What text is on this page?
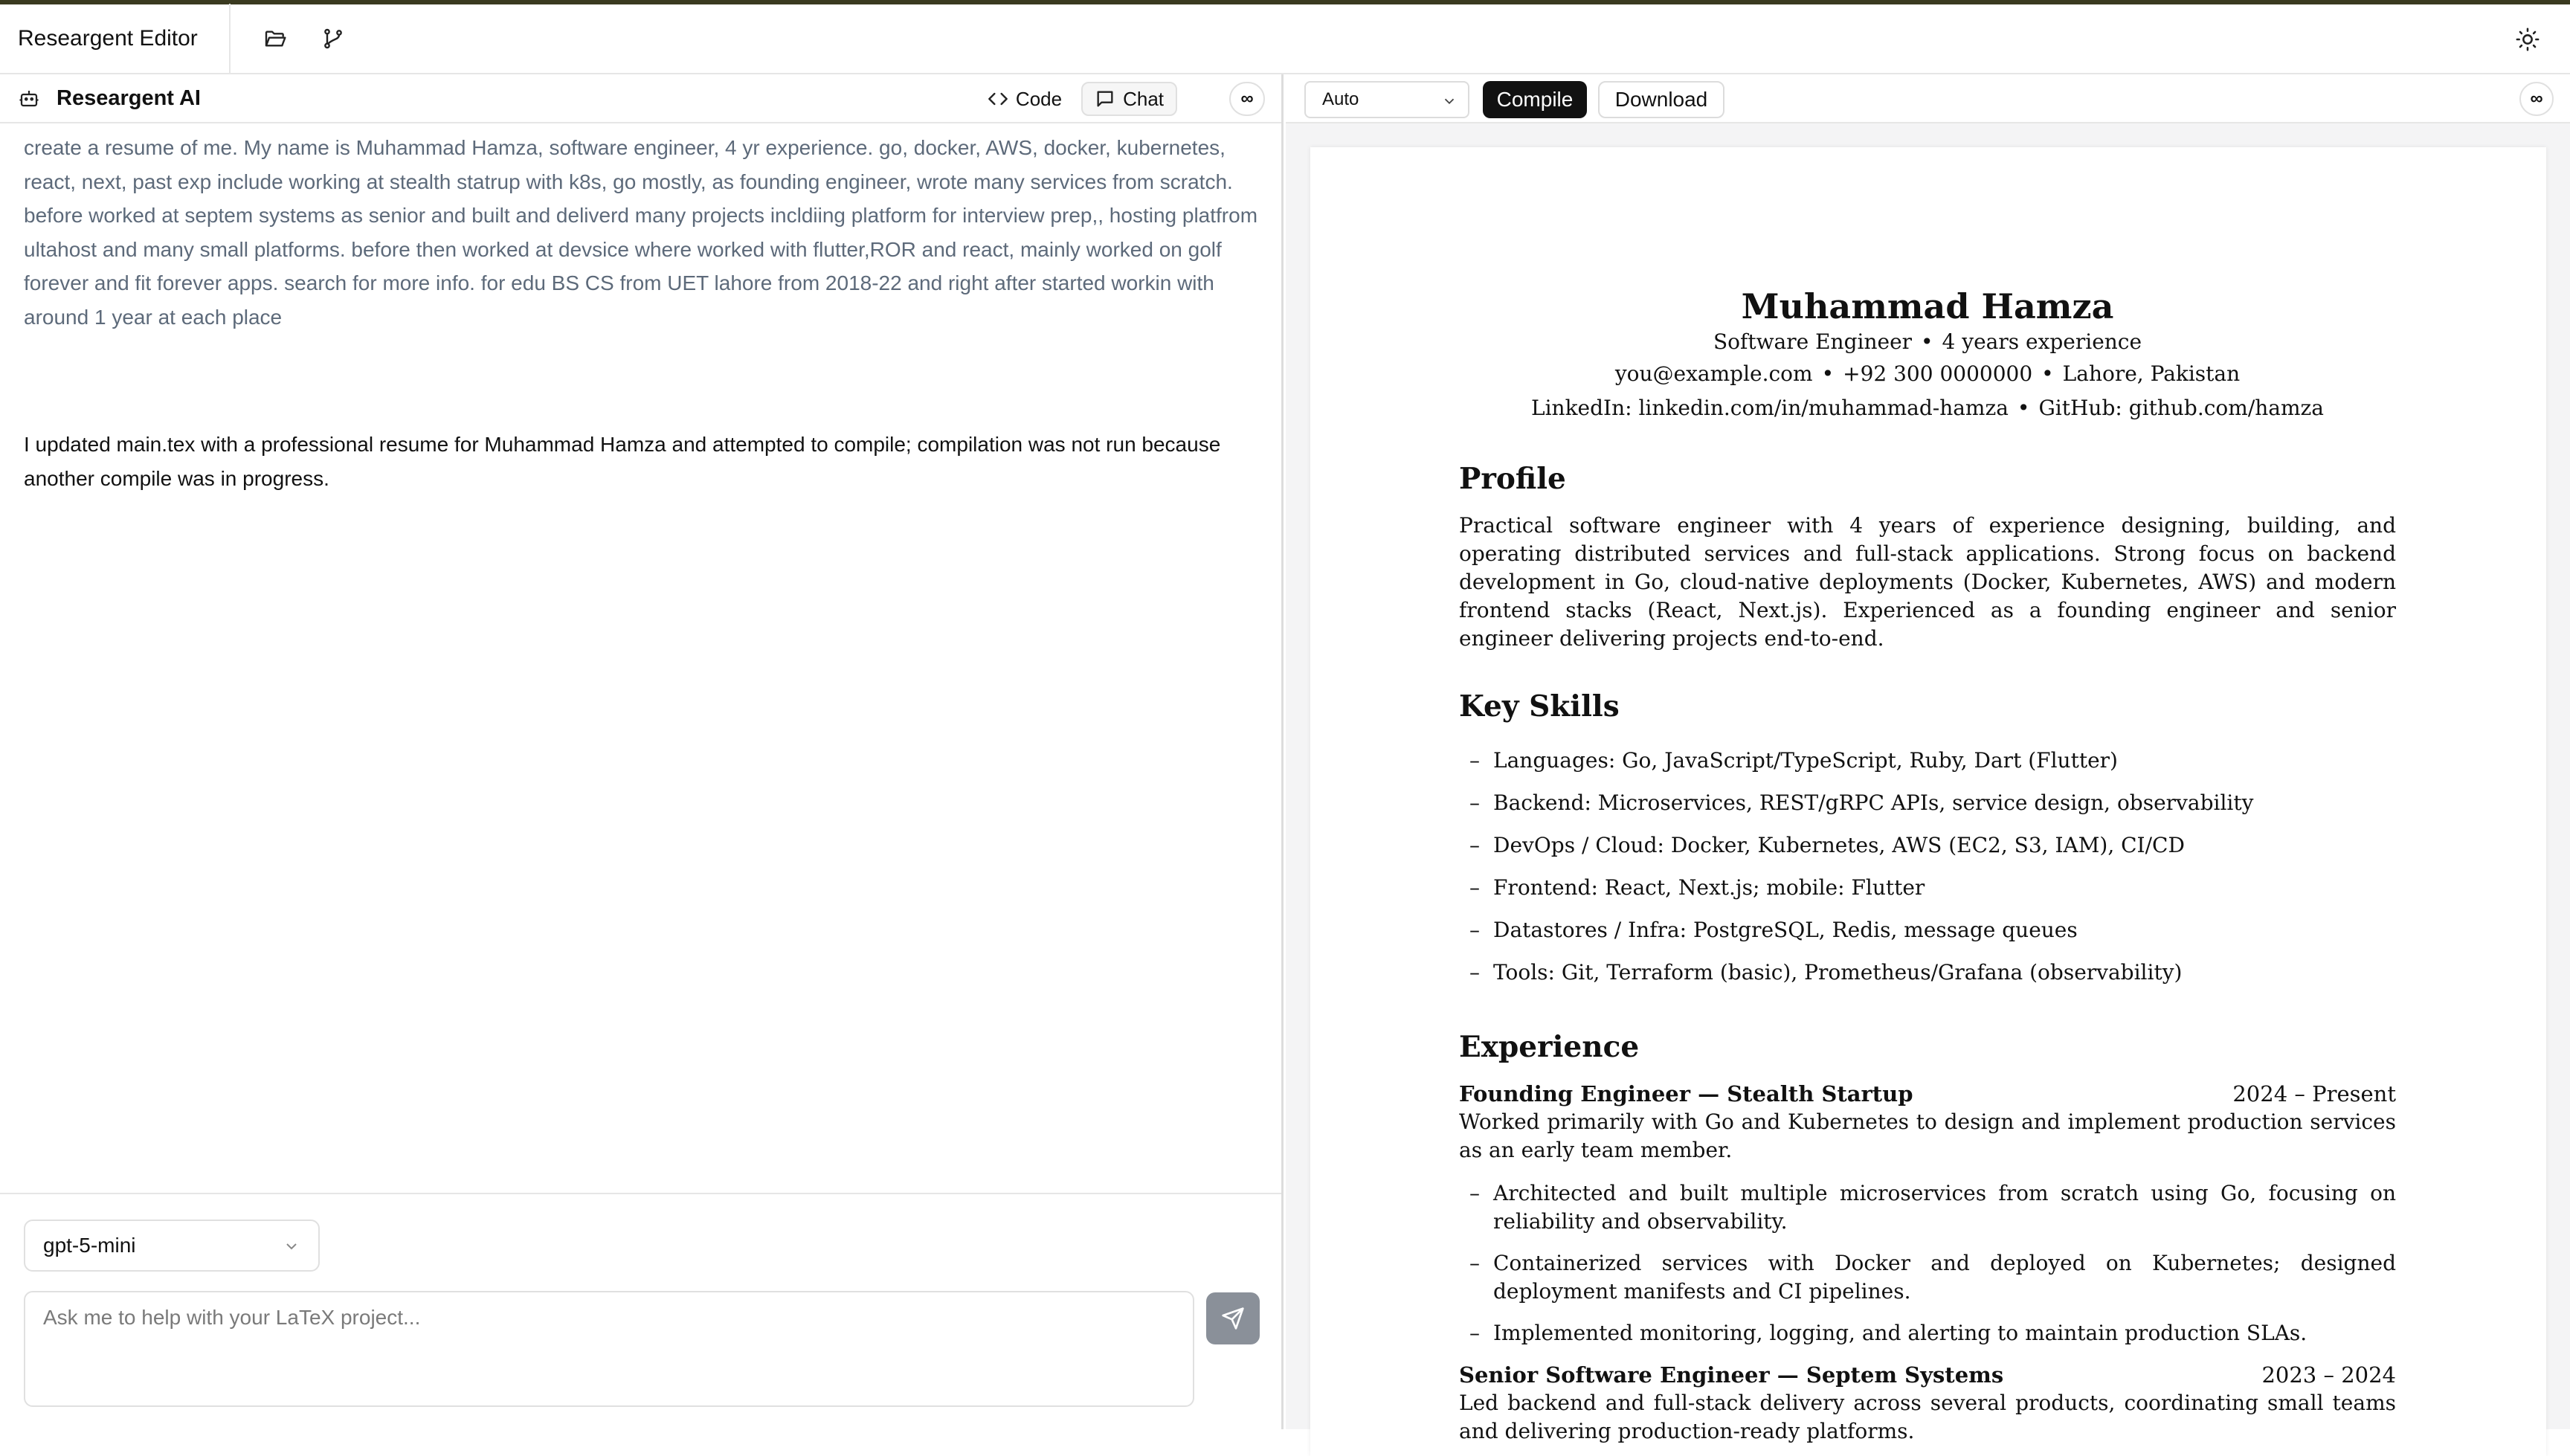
Researgent Editor
Researgent AI	Code	Chat	∞
create a resume of me. My name is Muhammad Hamza, software engineer, 4 yr experience. go, docker, AWS, docker, kubernetes, react, next, past exp include working at stealth statrup with k8s, go mostly, as founding engineer, wrote many services from scratch. before worked at septem systems as senior and built and deliverd many projects incldiing platform for interview prep,, hosting platfrom ultahost and many small platforms. before then worked at devsice where worked with flutter,ROR and react, mainly worked on golf forever and fit forever apps. search for more info. for edu BS CS from UET lahore from 2018-22 and right after started workin with around 1 year at each place
I updated main.tex with a professional resume for Muhammad Hamza and attempted to compile; compilation was not run because another compile was in progress.
gpt-5-mini
Ask me to help with your LaTeX project...
Auto	Compile	Download	∞
Muhammad Hamza
Software Engineer • 4 years experience
you@example.com • +92 300 0000000 • Lahore, Pakistan
LinkedIn: linkedin.com/in/muhammad-hamza • GitHub: github.com/hamza
Profile
Practical software engineer with 4 years of experience designing, building, and operating distributed services and full-stack applications. Strong focus on backend development in Go, cloud-native deployments (Docker, Kubernetes, AWS) and modern frontend stacks (React, Next.js). Experienced as a founding engineer and senior engineer delivering projects end-to-end.
Key Skills
– Languages: Go, JavaScript/TypeScript, Ruby, Dart (Flutter)
– Backend: Microservices, REST/gRPC APIs, service design, observability
– DevOps / Cloud: Docker, Kubernetes, AWS (EC2, S3, IAM), CI/CD
– Frontend: React, Next.js; mobile: Flutter
– Datastores / Infra: PostgreSQL, Redis, message queues
– Tools: Git, Terraform (basic), Prometheus/Grafana (observability)
Experience
Founding Engineer — Stealth Startup	2024 – Present
Worked primarily with Go and Kubernetes to design and implement production services as an early team member.
– Architected and built multiple microservices from scratch using Go, focusing on reliability and observability.
– Containerized services with Docker and deployed on Kubernetes; designed deployment manifests and CI pipelines.
– Implemented monitoring, logging, and alerting to maintain production SLAs.
Senior Software Engineer — Septem Systems	2023 – 2024
Led backend and full-stack delivery across several products, coordinating small teams and delivering production-ready platforms.
